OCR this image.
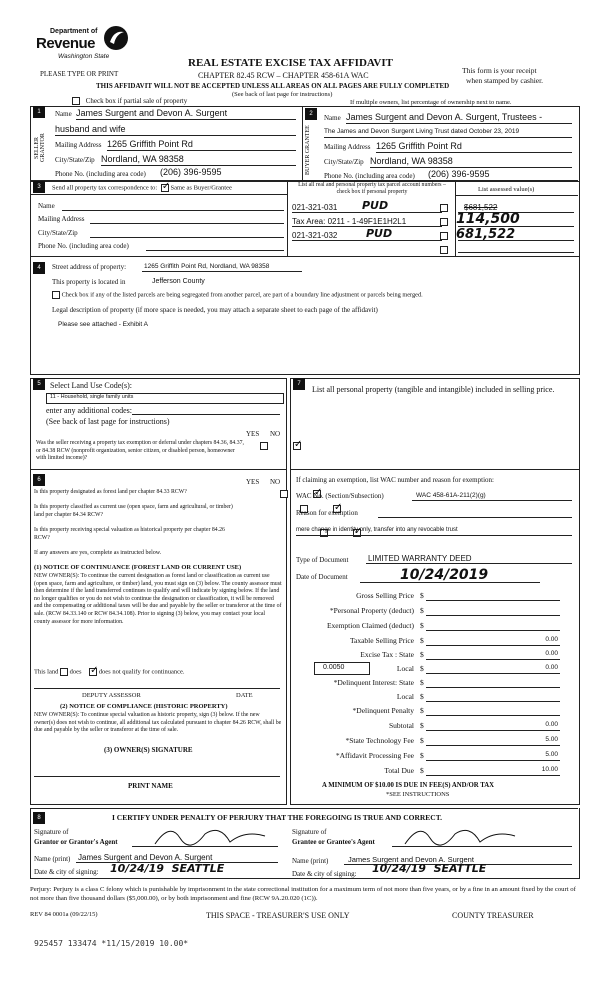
Department of
Revenue
Washington State
PLEASE TYPE OR PRINT
REAL ESTATE EXCISE TAX AFFIDAVIT
CHAPTER 82.45 RCW – CHAPTER 458-61A WAC
This form is your receipt
when stamped by cashier.
THIS AFFIDAVIT WILL NOT BE ACCEPTED UNLESS ALL AREAS ON ALL PAGES ARE FULLY COMPLETED
(See back of last page for instructions)
Check box if partial sale of property	If multiple owners, list percentage of ownership next to name.
1
SELLER GRANTOR
Name James Surgent and Devon A. Surgent
husband and wife
Mailing Address 1265 Griffith Point Rd
City/State/Zip Nordland, WA 98358
Phone No. (including area code) (206) 396-9595
2
BUYER GRANTEE
Name James Surgent and Devon A. Surgent, Trustees -
The James and Devon Surgent Living Trust dated October 23, 2019
Mailing Address 1265 Griffith Point Rd
City/State/Zip Nordland, WA 98358
Phone No. (including area code) (206) 396-9595
3	Send all property tax correspondence to: ✓ Same as Buyer/Grantee
Name
Mailing Address
City/State/Zip
Phone No. (including area code)
List all real and personal property tax parcel account numbers – check box if personal property	List assessed value(s)
021-321-031 PUD	$681,522
Tax Area: 0211 - 1-49F1E1H2L1	114,500
021-321-032	PUD	681,522

4	Street address of property:	1265 Griffith Point Rd, Nordland, WA 98358
This property is located in	Jefferson County
Check box if any of the listed parcels are being segregated from another parcel, are part of a boundary line adjustment or parcels being merged.
Legal description of property (if more space is needed, you may attach a separate sheet to each page of the affidavit)
Please see attached - Exhibit A
5	Select Land Use Code(s):
11 - Household, single family units
enter any additional codes:
(See back of last page for instructions)
YES NO
Was the seller receiving a property tax exemption or deferral under chapters 84.36, 84.37, or 84.38 RCW (nonprofit organization, senior citizen, or disabled person, homeowner with limited income)?
✓
7
List all personal property (tangible and intangible) included in selling price.
6	YES NO
Is this property designated as forest land per chapter 84.33 RCW?
✓
Is this property classified as current use (open space, farm and agricultural, or timber) land per chapter 84.34 RCW?
✓
Is this property receiving special valuation as historical property per chapter 84.26 RCW?
✓
If any answers are yes, complete as instructed below.
(1) NOTICE OF CONTINUANCE (FOREST LAND OR CURRENT USE)
NEW OWNER(S): To continue the current designation as forest land or classification as current use (open space, farm and agriculture, or timber) land, you must sign on (3) below. The county assessor must then determine if the land transferred continues to qualify and will indicate by signing below. If the land no longer qualifies or you do not wish to continue the designation or classification, it will be removed and the compensating or additional taxes will be due and payable by the seller or transferor at the time of sale. (RCW 84.33.140 or RCW 84.34.108). Prior to signing (3) below, you may contact your local county assessor for more information.
This land does ✓	does not qualify for continuance.
DEPUTY ASSESSOR	DATE
(2) NOTICE OF COMPLIANCE (HISTORIC PROPERTY)
NEW OWNER(S): To continue special valuation as historic property, sign (3) below. If the new owner(s) does not wish to continue, all additional tax calculated pursuant to chapter 84.26 RCW, shall be due and payable by the seller or transferor at the time of sale.
(3) OWNER(S) SIGNATURE
PRINT NAME
If claiming an exemption, list WAC number and reason for exemption:
WAC No. (Section/Subsection)	WAC 458-61A-211(2)(g)
Reason for exemption
mere change in identity only, transfer into any revocable trust
Type of Document LIMITED WARRANTY DEED
Date of Document	10/24/2019
Gross Selling Price $
*Personal Property (deduct) $
Exemption Claimed (deduct) $
Taxable Selling Price $	0.00
Excise Tax : State $	0.00
0.0050	Local $	0.00
*Delinquent Interest: State $
Local $
*Delinquent Penalty $
Subtotal $	0.00
*State Technology Fee $	5.00
*Affidavit Processing Fee $	5.00
Total Due $	10.00
A MINIMUM OF $10.00 IS DUE IN FEE(S) AND/OR TAX
*SEE INSTRUCTIONS
8	I CERTIFY UNDER PENALTY OF PERJURY THAT THE FOREGOING IS TRUE AND CORRECT.
Signature of
Grantor or Grantor's Agent
Name (print) James Surgent and Devon A. Surgent
Date & city of signing: 10/24/19  SEATTLE
Signature of
Grantee or Grantee's Agent
Name (print)	James Surgent and Devon A. Surgent
Date & city of signing: 10/24/19  SEATTLE
Perjury: Perjury is a class C felony which is punishable by imprisonment in the state correctional institution for a maximum term of not more than five years, or by a fine in an amount fixed by the court of not more than five thousand dollars ($5,000.00), or by both imprisonment and fine (RCW 9A.20.020 (1C)).
REV 84 0001a (09/22/15)	THIS SPACE - TREASURER'S USE ONLY	COUNTY TREASURER
925457 133474 *11/15/2019 10.00*
